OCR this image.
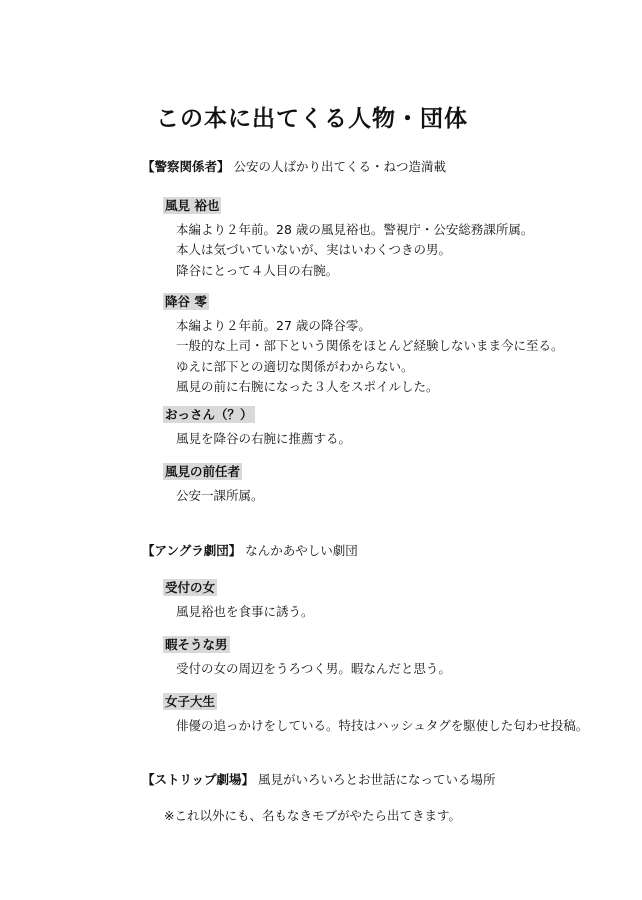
この本に出てくる人物・団体
【警察関係者】 公安の人ばかり出てくる・ねつ造満載
風見 裕也
本編より２年前。28 歳の風見裕也。警視庁・公安総務課所属。
本人は気づいていないが、実はいわくつきの男。
降谷にとって４人目の右腕。
降谷 零
本編より２年前。27 歳の降谷零。
一般的な上司・部下という関係をほとんど経験しないまま今に至る。
ゆえに部下との適切な関係がわからない。
風見の前に右腕になった３人をスポイルした。
おっさん（？）
風見を降谷の右腕に推薦する。
風見の前任者
公安一課所属。
【アングラ劇団】 なんかあやしい劇団
受付の女
風見裕也を食事に誘う。
暇そうな男
受付の女の周辺をうろつく男。暇なんだと思う。
女子大生
俳優の追っかけをしている。特技はハッシュタグを駆使した匂わせ投稿。
【ストリップ劇場】 風見がいろいろとお世話になっている場所
※これ以外にも、名もなきモブがやたら出てきます。
